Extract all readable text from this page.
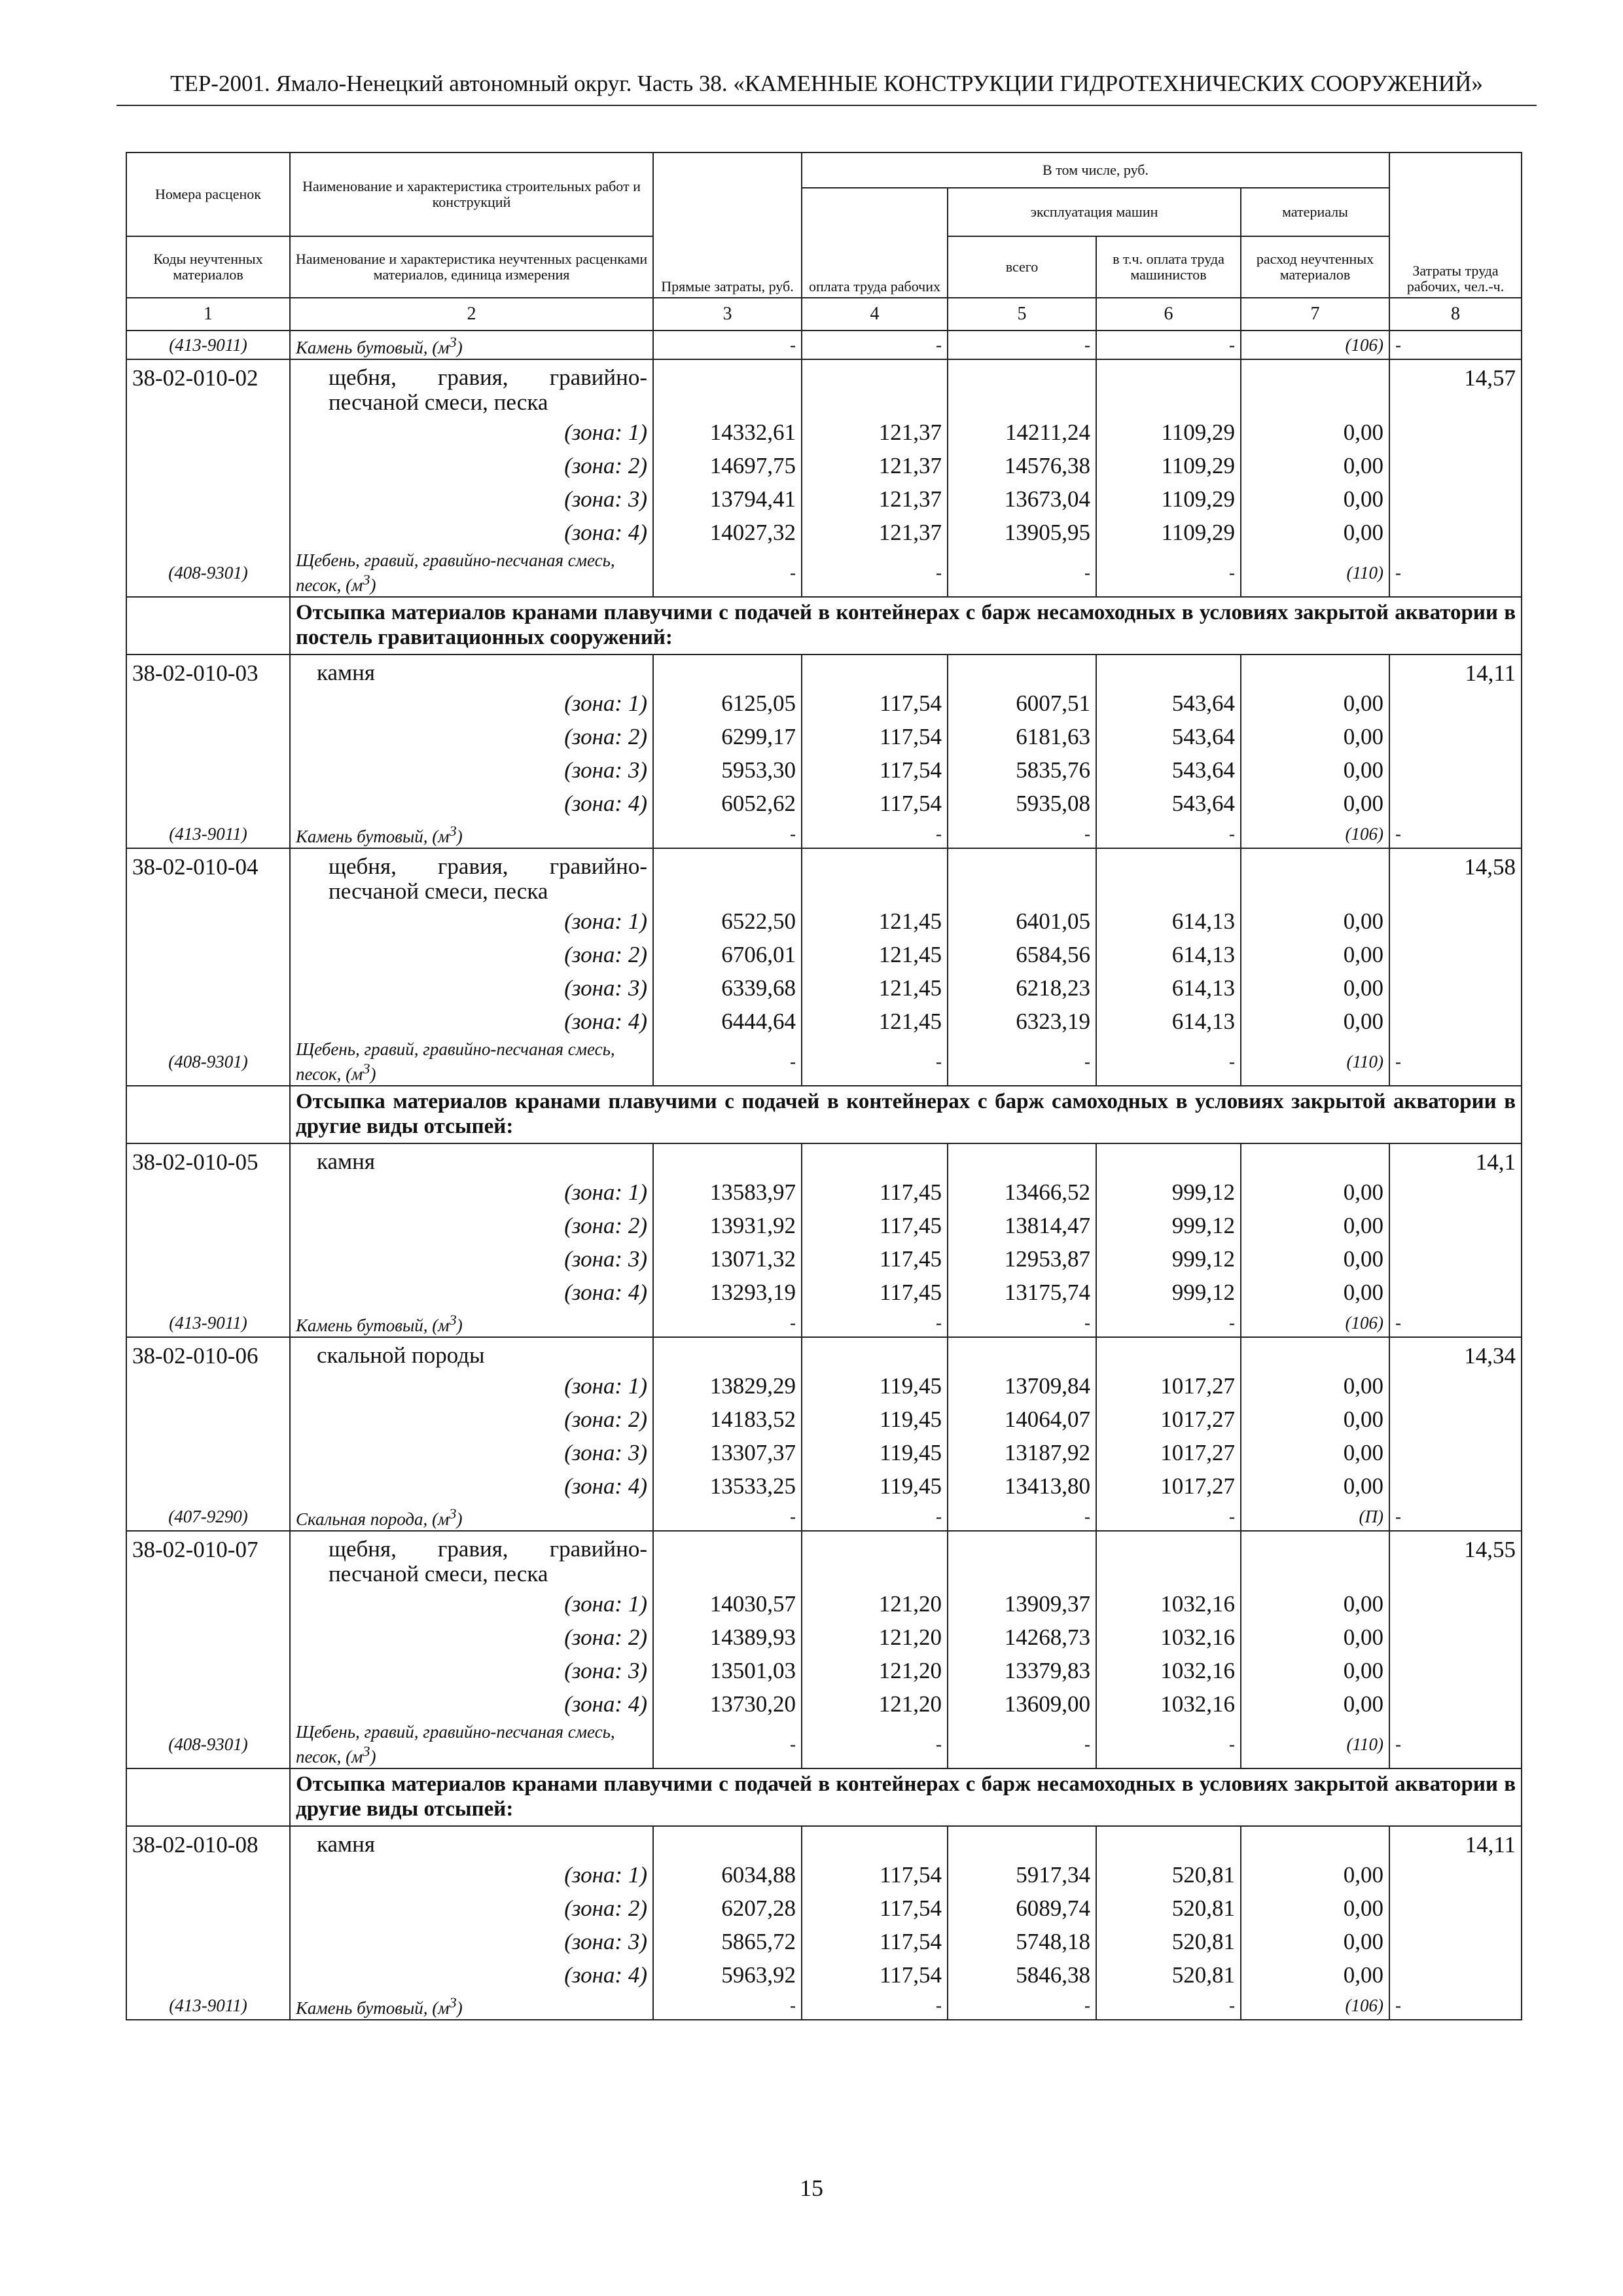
ТЕР-2001. Ямало-Ненецкий автономный округ. Часть 38. «КАМЕННЫЕ КОНСТРУКЦИИ ГИДРОТЕХНИЧЕСКИХ СООРУЖЕНИЙ»
Номера расценок	Наименование и характеристика строительных работ и конструкций	Прямые затраты, руб.	В том числе, руб.				Затраты труда рабочих, чел.-ч.
			оплата труда рабочих	эксплуатация машин		материалы	
Коды неучтенных материалов	Наименование и характеристика неучтенных расценками материалов, единица измерения			всего	в т.ч. оплата труда машинистов	расход неучтенных материалов	
1	2	3	4	5	6	7	8
(413-9011)	Камень бутовый, $(м^3)$	-	-	-	-	(106)	-
38-02-010-02	щебня, гравия, гравийно-песчаной смеси, песка						14,57
	(зона: 1)	14332,61	121,37	14211,24	1109,29	0,00	
	(зона: 2)	14697,75	121,37	14576,38	1109,29	0,00	
	(зона: 3)	13794,41	121,37	13673,04	1109,29	0,00	
	(зона: 4)	14027,32	121,37	13905,95	1109,29	0,00	
(408-9301)	Щебень, гравий, гравийно-песчаная смесь, песок, $(м^3)$	-	-	-	-	(110)	-
	Отсыпка материалов кранами плавучими с подачей в контейнерах с барж несамоходных в условиях закрытой акватории в постель гравитационных сооружений:						
38-02-010-03	камня						14,11
	(зона: 1)	6125,05	117,54	6007,51	543,64	0,00	
	(зона: 2)	6299,17	117,54	6181,63	543,64	0,00	
	(зона: 3)	5953,30	117,54	5835,76	543,64	0,00	
	(зона: 4)	6052,62	117,54	5935,08	543,64	0,00	
(413-9011)	Камень бутовый, $(м^3)$	-	-	-	-	(106)	-
38-02-010-04	щебня, гравия, гравийно-песчаной смеси, песка						14,58
	(зона: 1)	6522,50	121,45	6401,05	614,13	0,00	
	(зона: 2)	6706,01	121,45	6584,56	614,13	0,00	
	(зона: 3)	6339,68	121,45	6218,23	614,13	0,00	
	(зона: 4)	6444,64	121,45	6323,19	614,13	0,00	
(408-9301)	Щебень, гравий, гравийно-песчаная смесь, песок, $(м^3)$	-	-	-	-	(110)	-
	Отсыпка материалов кранами плавучими с подачей в контейнерах с барж самоходных в условиях закрытой акватории в другие виды отсыпей:						
38-02-010-05	камня						14,1
	(зона: 1)	13583,97	117,45	13466,52	999,12	0,00	
	(зона: 2)	13931,92	117,45	13814,47	999,12	0,00	
	(зона: 3)	13071,32	117,45	12953,87	999,12	0,00	
	(зона: 4)	13293,19	117,45	13175,74	999,12	0,00	
(413-9011)	Камень бутовый, $(м^3)$	-	-	-	-	(106)	-
38-02-010-06	скальной породы						14,34
	(зона: 1)	13829,29	119,45	13709,84	1017,27	0,00	
	(зона: 2)	14183,52	119,45	14064,07	1017,27	0,00	
	(зона: 3)	13307,37	119,45	13187,92	1017,27	0,00	
	(зона: 4)	13533,25	119,45	13413,80	1017,27	0,00	
(407-9290)	Скальная порода, $(м^3)$	-	-	-	-	(П)	-
38-02-010-07	щебня, гравия, гравийно-песчаной смеси, песка						14,55
	(зона: 1)	14030,57	121,20	13909,37	1032,16	0,00	
	(зона: 2)	14389,93	121,20	14268,73	1032,16	0,00	
	(зона: 3)	13501,03	121,20	13379,83	1032,16	0,00	
	(зона: 4)	13730,20	121,20	13609,00	1032,16	0,00	
(408-9301)	Щебень, гравий, гравийно-песчаная смесь, песок, $(м^3)$	-	-	-	-	(110)	-
	Отсыпка материалов кранами плавучими с подачей в контейнерах с барж несамоходных в условиях закрытой акватории в другие виды отсыпей:						
38-02-010-08	камня						14,11
	(зона: 1)	6034,88	117,54	5917,34	520,81	0,00	
	(зона: 2)	6207,28	117,54	6089,74	520,81	0,00	
	(зона: 3)	5865,72	117,54	5748,18	520,81	0,00	
	(зона: 4)	5963,92	117,54	5846,38	520,81	0,00	
(413-9011)	Камень бутовый, $(м^3)$	-	-	-	-	(106)	-
15
